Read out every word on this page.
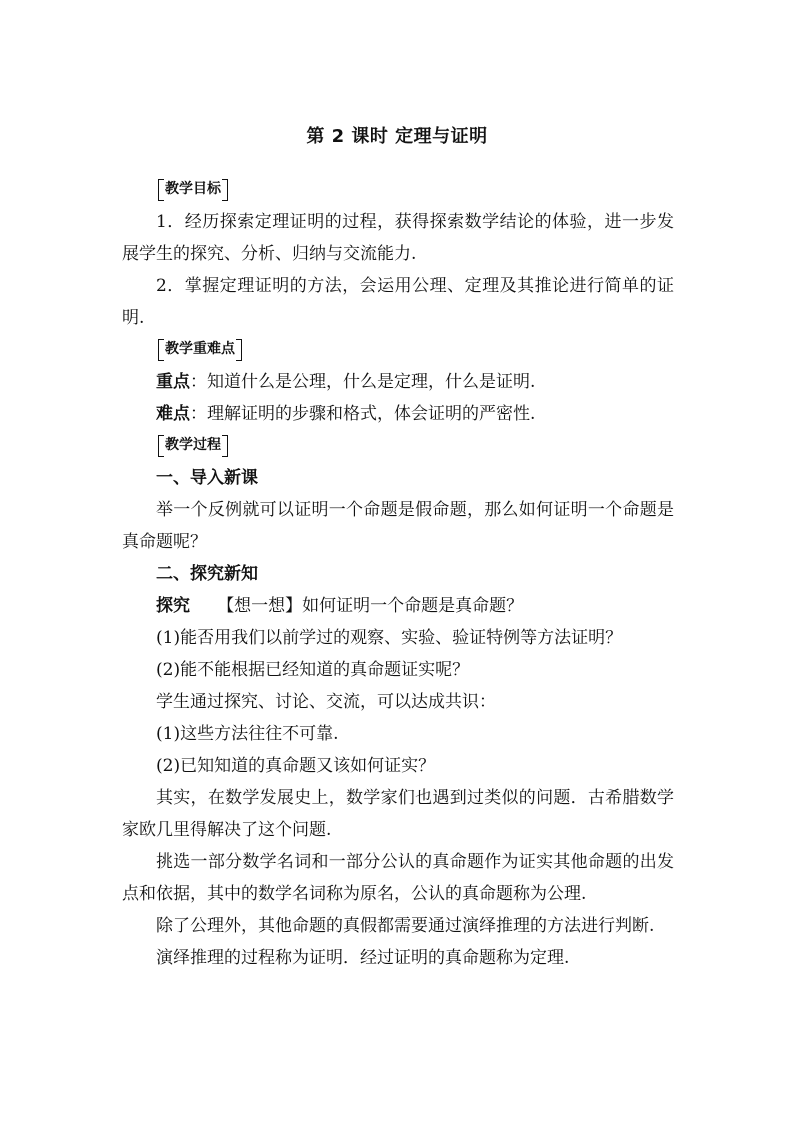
第 2 课时 定理与证明
教学目标

1．经历探索定理证明的过程，获得探索数学结论的体验，进一步发展学生的探究、分析、归纳与交流能力.

2．掌握定理证明的方法，会运用公理、定理及其推论进行简单的证明.

教学重难点

重点：知道什么是公理，什么是定理，什么是证明.

难点：理解证明的步骤和格式，体会证明的严密性.

教学过程

一、导入新课

举一个反例就可以证明一个命题是假命题，那么如何证明一个命题是真命题呢？

二、探究新知

探究 【想一想】如何证明一个命题是真命题？

(1)能否用我们以前学过的观察、实验、验证特例等方法证明？

(2)能不能根据已经知道的真命题证实呢？

学生通过探究、讨论、交流，可以达成共识：

(1)这些方法往往不可靠.

(2)已知知道的真命题又该如何证实？

其实，在数学发展史上，数学家们也遇到过类似的问题．古希腊数学家欧几里得解决了这个问题.

挑选一部分数学名词和一部分公认的真命题作为证实其他命题的出发点和依据，其中的数学名词称为原名，公认的真命题称为公理.

除了公理外，其他命题的真假都需要通过演绎推理的方法进行判断.

演绎推理的过程称为证明．经过证明的真命题称为定理.
